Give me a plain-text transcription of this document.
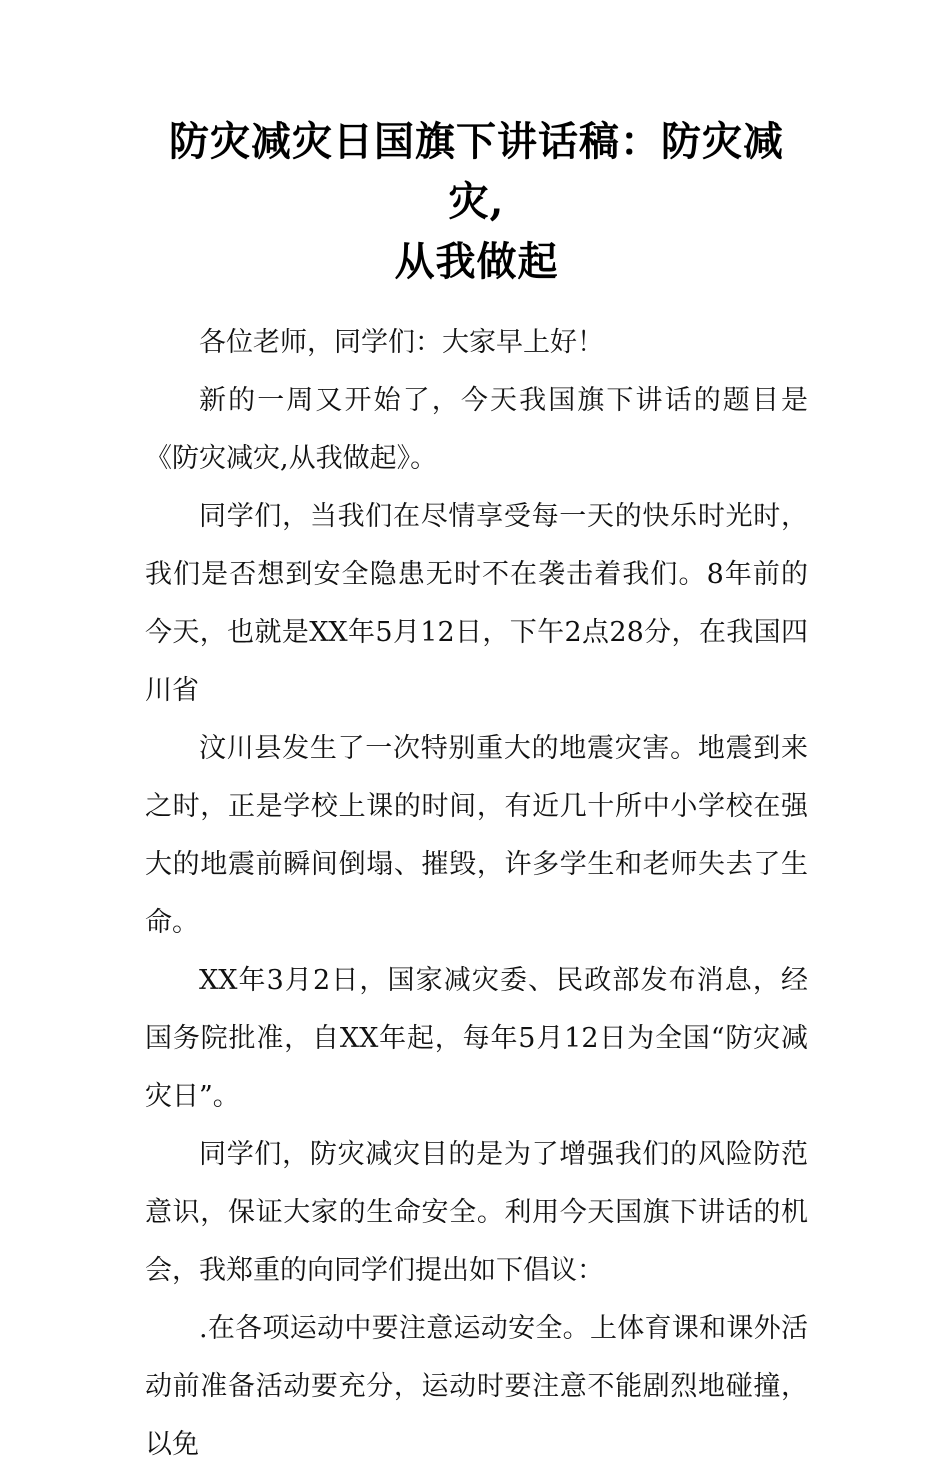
防灾减灾日国旗下讲话稿：防灾减灾,
从我做起

各位老师，同学们：大家早上好！

新的一周又开始了，今天我国旗下讲话的题目是《防灾减灾,从我做起》。

同学们，当我们在尽情享受每一天的快乐时光时，我们是否想到安全隐患无时不在袭击着我们。8年前的今天，也就是XX年5月12日，下午2点28分，在我国四川省

汶川县发生了一次特别重大的地震灾害。地震到来之时，正是学校上课的时间，有近几十所中小学校在强大的地震前瞬间倒塌、摧毁，许多学生和老师失去了生命。

XX年3月2日，国家减灾委、民政部发布消息，经国务院批准，自XX年起，每年5月12日为全国“防灾减灾日”。

同学们，防灾减灾目的是为了增强我们的风险防范意识，保证大家的生命安全。利用今天国旗下讲话的机会，我郑重的向同学们提出如下倡议：

.在各项运动中要注意运动安全。上体育课和课外活动前准备活动要充分，运动时要注意不能剧烈地碰撞，以免
